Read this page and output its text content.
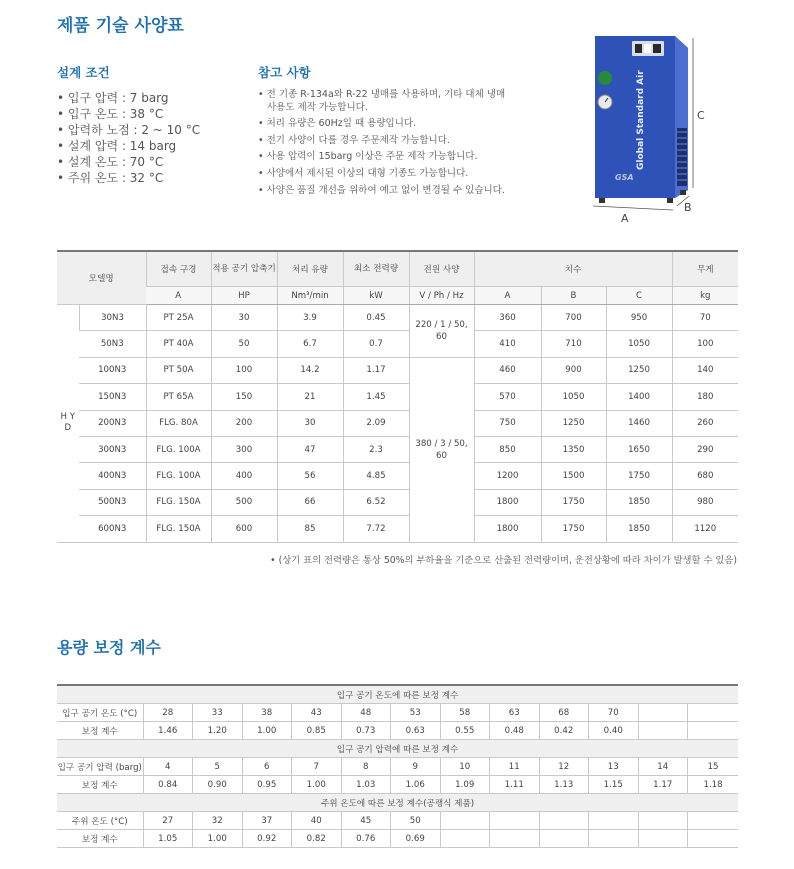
제품 기술 사양표
설계 조건
• 입구 압력 : 7 barg
• 입구 온도 : 38 °C
• 압력하 노점 : 2 ~ 10 °C
• 설계 압력 : 14 barg
• 설계 온도 : 70 °C
• 주위 온도 : 32 °C
참고 사항
• 전 기종 R-134a와 R-22 냉매를 사용하며, 기타 대체 냉매 사용도 제작 가능합니다.
• 처리 유량은 60Hz일 때 용량입니다.
• 전기 사양이 다를 경우 주문제작 가능합니다.
• 사용 압력이 15barg 이상은 주문 제작 가능합니다.
• 사양에서 제시된 이상의 대형 기종도 가능합니다.
• 사양은 품질 개선을 위하여 예고 없이 변경될 수 있습니다.
Global Standard Air
GSA
A
B
C
모델명		접속 구경	적용 공기 압축기	처리 유량	최소 전력량	전원 사양	치수			무게
		A	HP	Nm³/min	kW	V / Ph / Hz	A	B	C	kg
H Y D	30N3	PT 25A	30	3.9	0.45	220 / 1 / 50, 60	360	700	950	70
	50N3	PT 40A	50	6.7	0.7		410	710	1050	100
	100N3	PT 50A	100	14.2	1.17	380 / 3 / 50, 60	460	900	1250	140
	150N3	PT 65A	150	21	1.45		570	1050	1400	180
	200N3	FLG. 80A	200	30	2.09		750	1250	1460	260
	300N3	FLG. 100A	300	47	2.3		850	1350	1650	290
	400N3	FLG. 100A	400	56	4.85		1200	1500	1750	680
	500N3	FLG. 150A	500	66	6.52		1800	1750	1850	980
	600N3	FLG. 150A	600	85	7.72		1800	1750	1850	1120
• (상기 표의 전력량은 통상 50%의 부하율을 기준으로 산출된 전력량이며, 운전상황에 따라 차이가 발생할 수 있음)
용량 보정 계수
입구 공기 온도에 따른 보정 계수												
입구 공기 온도 (°C)	28	33	38	43	48	53	58	63	68	70		
보정 계수	1.46	1.20	1.00	0.85	0.73	0.63	0.55	0.48	0.42	0.40		
입구 공기 압력에 따른 보정 계수												
입구 공기 압력 (barg)	4	5	6	7	8	9	10	11	12	13	14	15
보정 계수	0.84	0.90	0.95	1.00	1.03	1.06	1.09	1.11	1.13	1.15	1.17	1.18
주위 온도에 따른 보정 계수(공랭식 제품)												
주위 온도 (°C)	27	32	37	40	45	50						
보정 계수	1.05	1.00	0.92	0.82	0.76	0.69						
